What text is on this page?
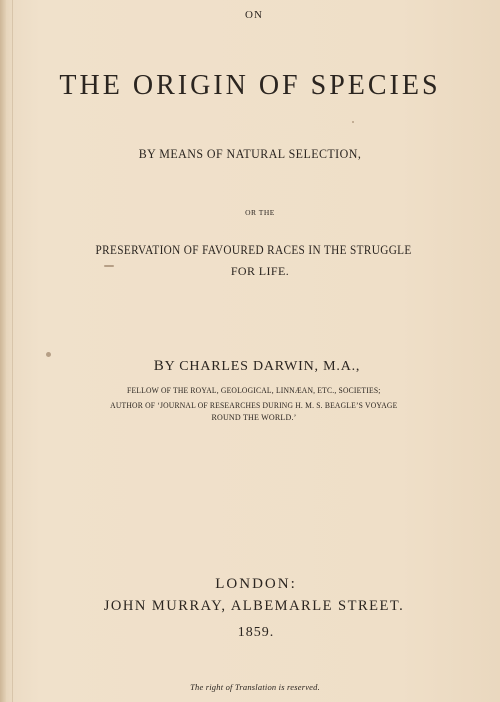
ON

THE ORIGIN OF SPECIES

BY MEANS OF NATURAL SELECTION,

OR THE

PRESERVATION OF FAVOURED RACES IN THE STRUGGLE

FOR LIFE.

BY CHARLES DARWIN, M.A.,

FELLOW OF THE ROYAL, GEOLOGICAL, LINNÆAN, ETC., SOCIETIES;

AUTHOR OF ‘JOURNAL OF RESEARCHES DURING H. M. S. BEAGLE’S VOYAGE

ROUND THE WORLD.’

LONDON:

JOHN MURRAY, ALBEMARLE STREET.

1859.

The right of Translation is reserved.
